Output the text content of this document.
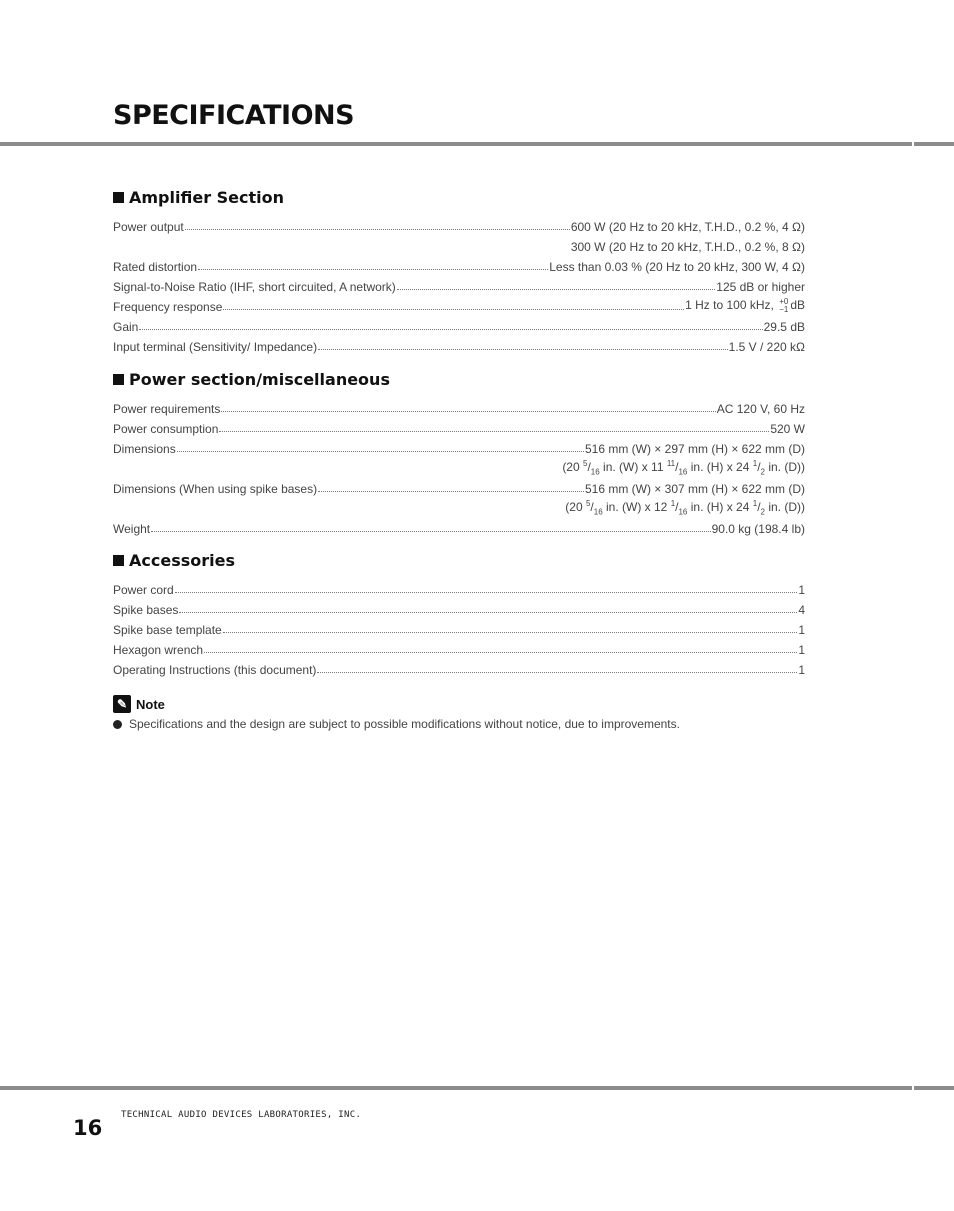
SPECIFICATIONS
Amplifier Section
Power output	600 W (20 Hz to 20 kHz, T.H.D., 0.2 %, 4 Ω)
300 W (20 Hz to 20 kHz, T.H.D., 0.2 %, 8 Ω)
Rated distortion	Less than 0.03 % (20 Hz to 20 kHz, 300 W, 4 Ω)
Signal-to-Noise Ratio (IHF, short circuited, A network)	125 dB or higher
Frequency response	1 Hz to 100 kHz, +0
−1 dB
Gain	29.5 dB
Input terminal (Sensitivity/ Impedance)	1.5 V / 220 kΩ
Power section/miscellaneous
Power requirements	AC 120 V, 60 Hz
Power consumption	520 W
Dimensions	516 mm (W) × 297 mm (H) × 622 mm (D)
(20 $^5/_{16}$ in. (W) x 11 $^{11}/_{16}$ in. (H) x 24 $^1/_2$ in. (D))
Dimensions (When using spike bases)	516 mm (W) × 307 mm (H) × 622 mm (D)
(20 $^5/_{16}$ in. (W) x 12 $^1/_{16}$ in. (H) x 24 $^1/_2$ in. (D))
Weight	90.0 kg (198.4 lb)
Accessories
Power cord	1
Spike bases	4
Spike base template	1
Hexagon wrench	1
Operating Instructions (this document)	1
✎ Note
Specifications and the design are subject to possible modifications without notice, due to improvements.
16
TECHNICAL AUDIO DEVICES LABORATORIES, INC.
